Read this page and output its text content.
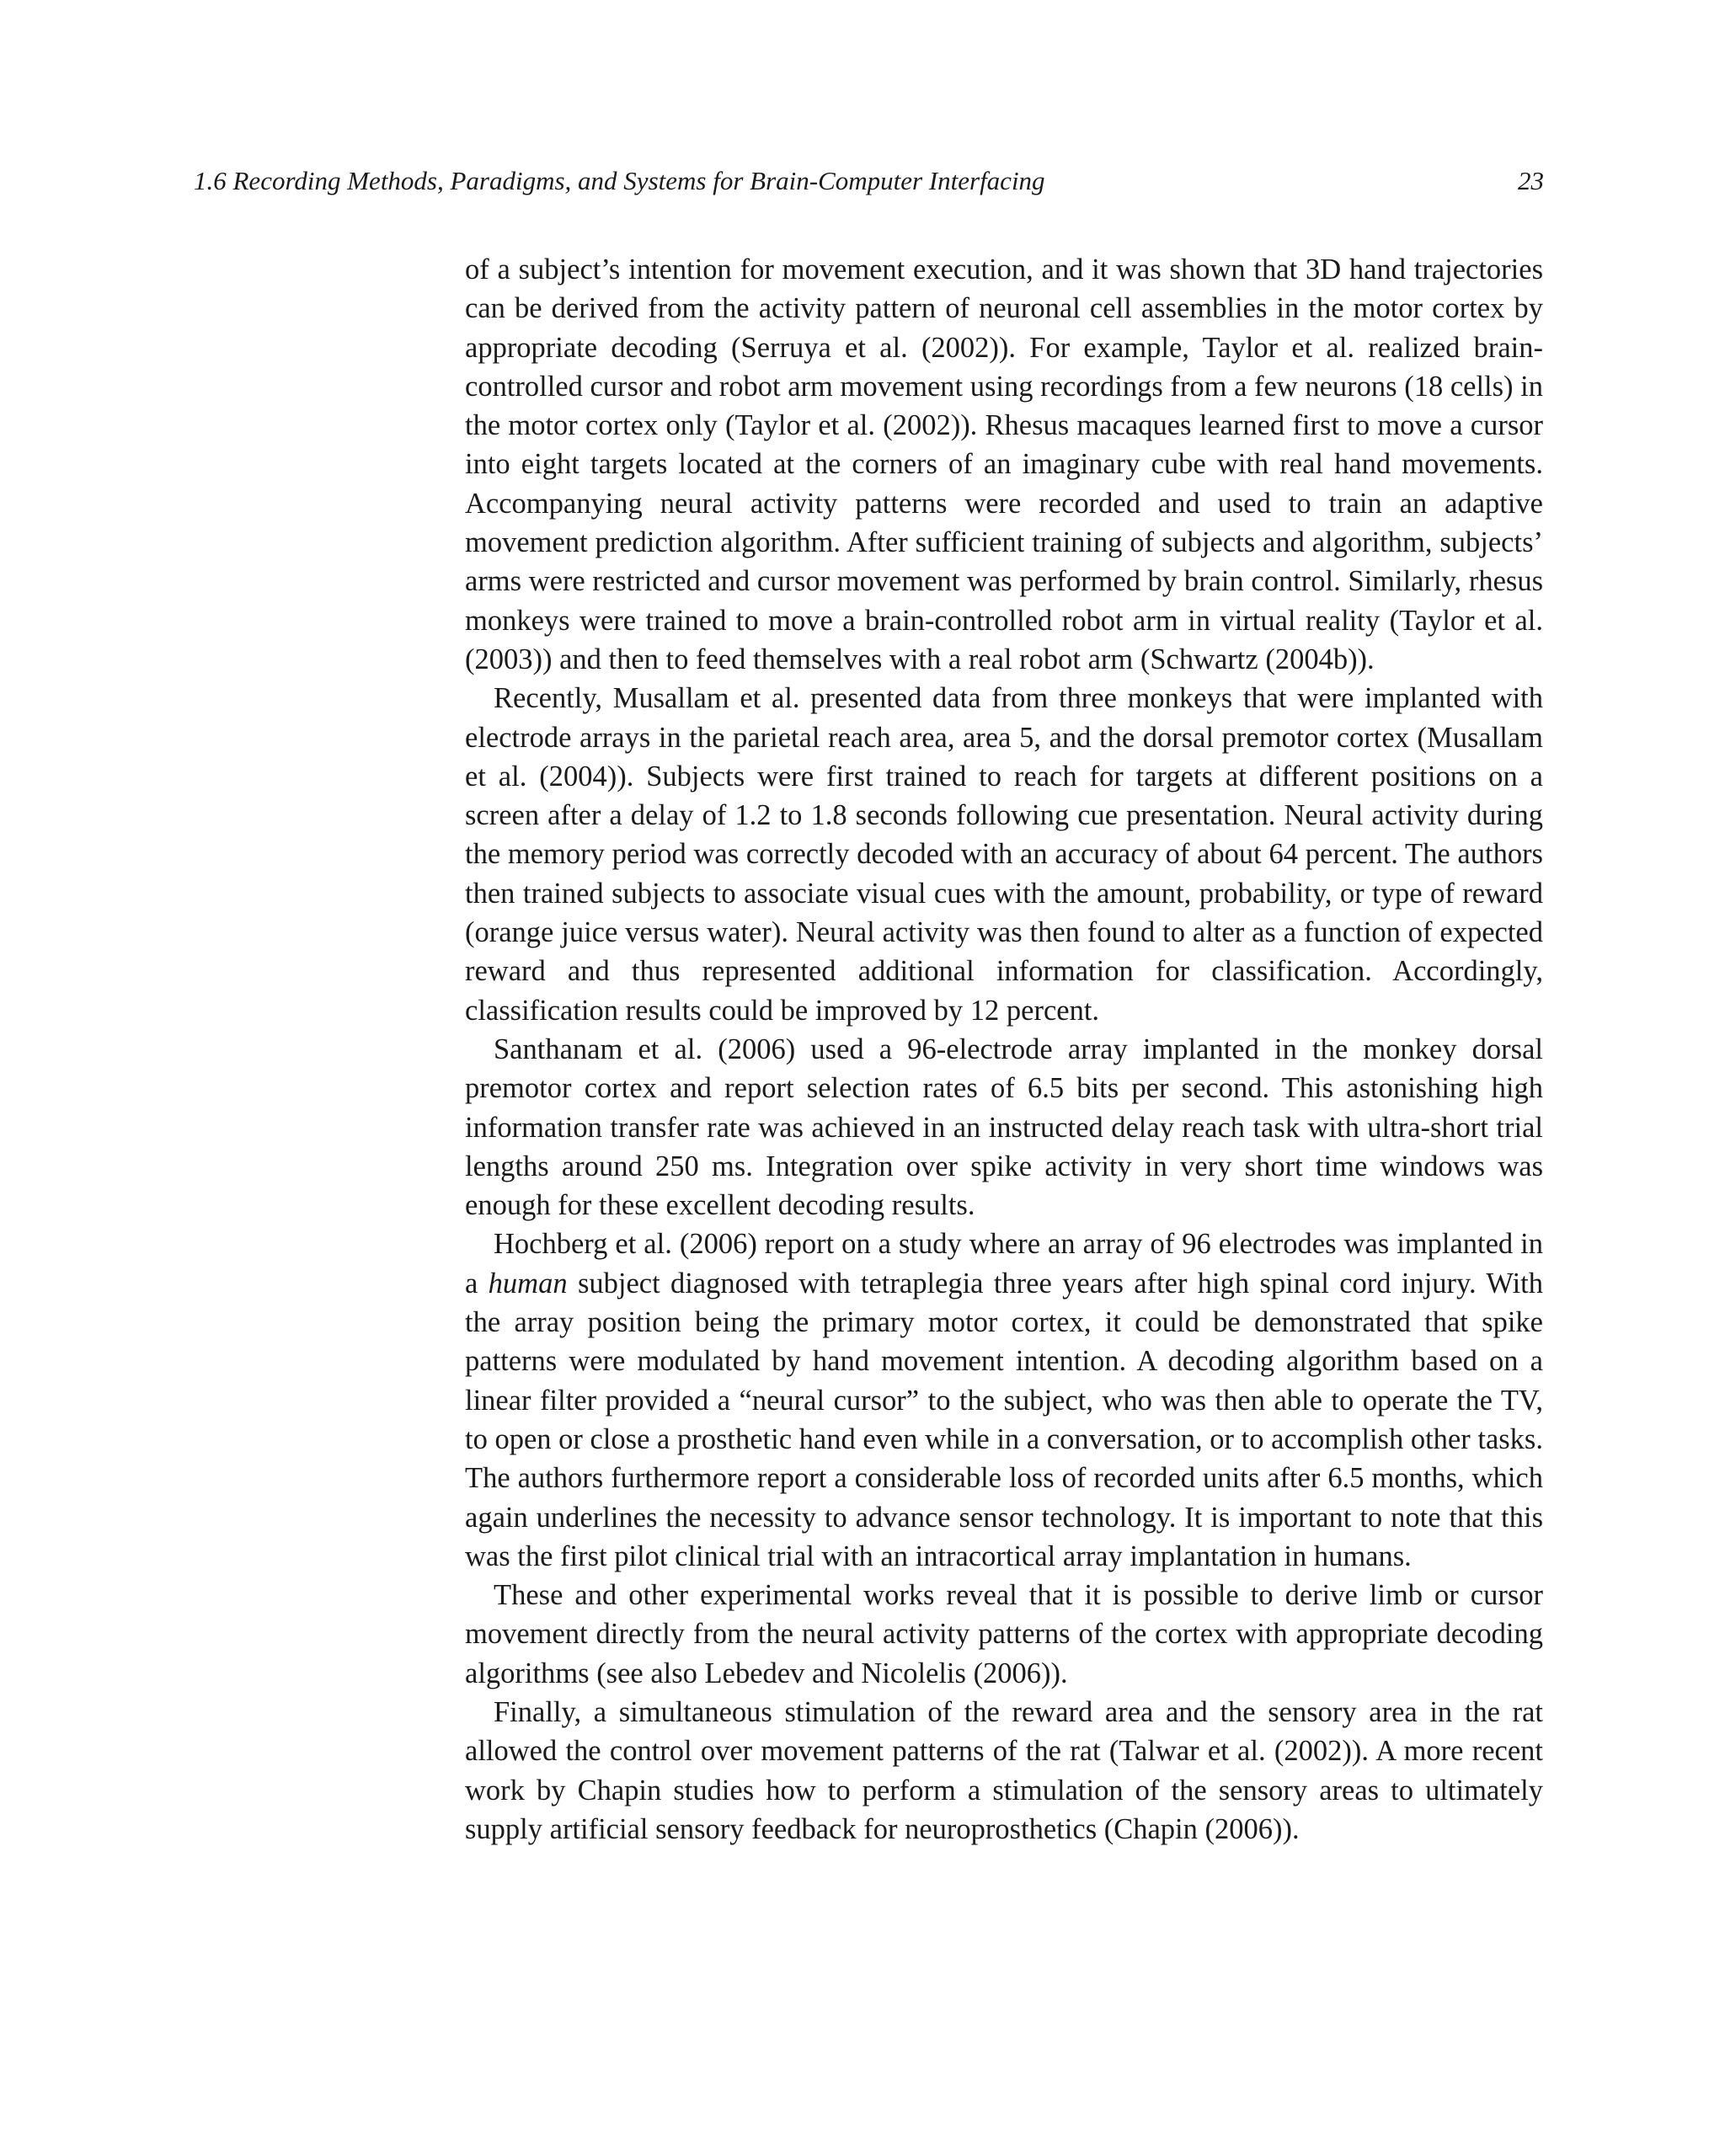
1.6 Recording Methods, Paradigms, and Systems for Brain-Computer Interfacing	23

of a subject’s intention for movement execution, and it was shown that 3D hand trajectories can be derived from the activity pattern of neuronal cell assemblies in the motor cortex by appropriate decoding (Serruya et al. (2002)). For example, Taylor et al. realized brain-controlled cursor and robot arm movement using recordings from a few neurons (18 cells) in the motor cortex only (Taylor et al. (2002)). Rhesus macaques learned first to move a cursor into eight targets located at the corners of an imaginary cube with real hand movements. Accompanying neural activity patterns were recorded and used to train an adaptive movement prediction algorithm. After sufficient training of subjects and algorithm, subjects’ arms were restricted and cursor movement was performed by brain control. Similarly, rhesus monkeys were trained to move a brain-controlled robot arm in virtual reality (Taylor et al. (2003)) and then to feed themselves with a real robot arm (Schwartz (2004b)).

Recently, Musallam et al. presented data from three monkeys that were implanted with electrode arrays in the parietal reach area, area 5, and the dorsal premotor cortex (Musallam et al. (2004)). Subjects were first trained to reach for targets at different positions on a screen after a delay of 1.2 to 1.8 seconds following cue presentation. Neural activity during the memory period was correctly decoded with an accuracy of about 64 percent. The authors then trained subjects to associate visual cues with the amount, probability, or type of reward (orange juice versus water). Neural activity was then found to alter as a function of expected reward and thus represented additional information for classification. Accordingly, classification results could be improved by 12 percent.

Santhanam et al. (2006) used a 96-electrode array implanted in the monkey dorsal premotor cortex and report selection rates of 6.5 bits per second. This astonishing high information transfer rate was achieved in an instructed delay reach task with ultra-short trial lengths around 250 ms. Integration over spike activity in very short time windows was enough for these excellent decoding results.

Hochberg et al. (2006) report on a study where an array of 96 electrodes was implanted in a human subject diagnosed with tetraplegia three years after high spinal cord injury. With the array position being the primary motor cortex, it could be demonstrated that spike patterns were modulated by hand movement intention. A decoding algorithm based on a linear filter provided a “neural cursor” to the subject, who was then able to operate the TV, to open or close a prosthetic hand even while in a conversation, or to accomplish other tasks. The authors furthermore report a considerable loss of recorded units after 6.5 months, which again underlines the necessity to advance sensor technology. It is important to note that this was the first pilot clinical trial with an intracortical array implantation in humans.

These and other experimental works reveal that it is possible to derive limb or cursor movement directly from the neural activity patterns of the cortex with appropriate decoding algorithms (see also Lebedev and Nicolelis (2006)).

Finally, a simultaneous stimulation of the reward area and the sensory area in the rat allowed the control over movement patterns of the rat (Talwar et al. (2002)). A more recent work by Chapin studies how to perform a stimulation of the sensory areas to ultimately supply artificial sensory feedback for neuroprosthetics (Chapin (2006)).
